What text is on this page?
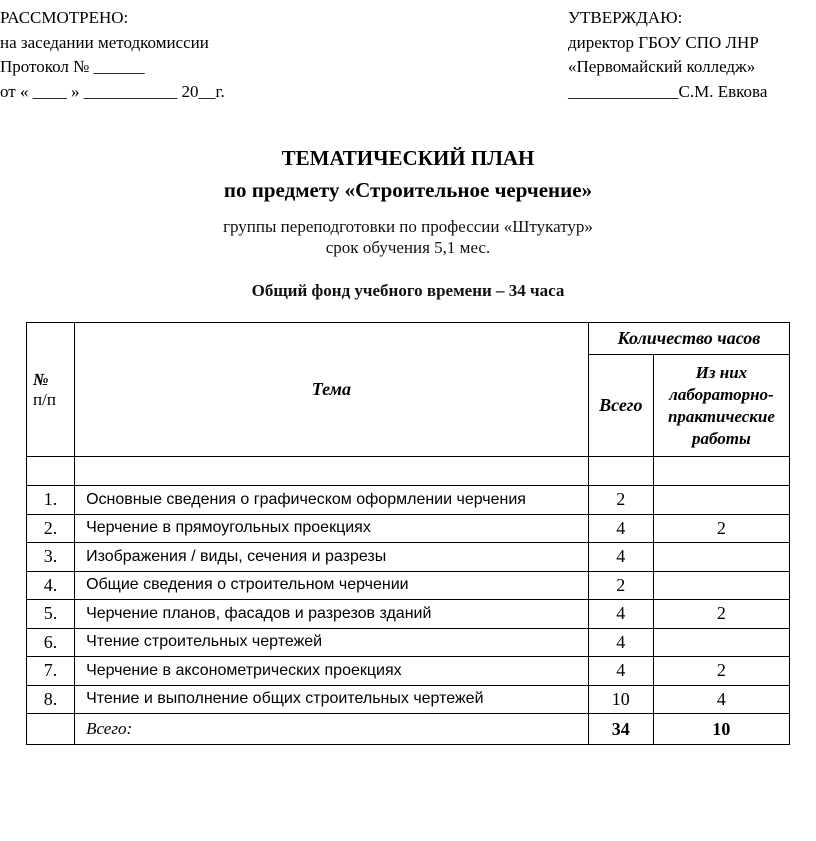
РАССМОТРЕНО:
на заседании методкомиссии
Протокол № ______
от « ____ » ___________ 20__г.
УТВЕРЖДАЮ:
директор ГБОУ СПО ЛНР
«Первомайский колледж»
_____________С.М. Евкова
ТЕМАТИЧЕСКИЙ ПЛАН
по предмету «Строительное черчение»
группы переподготовки по профессии «Штукатур»
срок обучения 5,1 мес.
Общий фонд учебного времени – 34 часа
№
п/п	Тема	Количество часов	
		Всего	Из них лабораторно-практические работы

1.	Основные сведения о графическом оформлении черчения	2	
2.	Черчение в прямоугольных проекциях	4	2
3.	Изображения / виды, сечения и разрезы	4	
4.	Общие сведения о строительном черчении	2	
5.	Черчение планов, фасадов и разрезов зданий	4	2
6.	Чтение строительных чертежей	4	
7.	Черчение в аксонометрических проекциях	4	2
8.	Чтение и выполнение общих строительных чертежей	10	4
	Всего:	34	10
